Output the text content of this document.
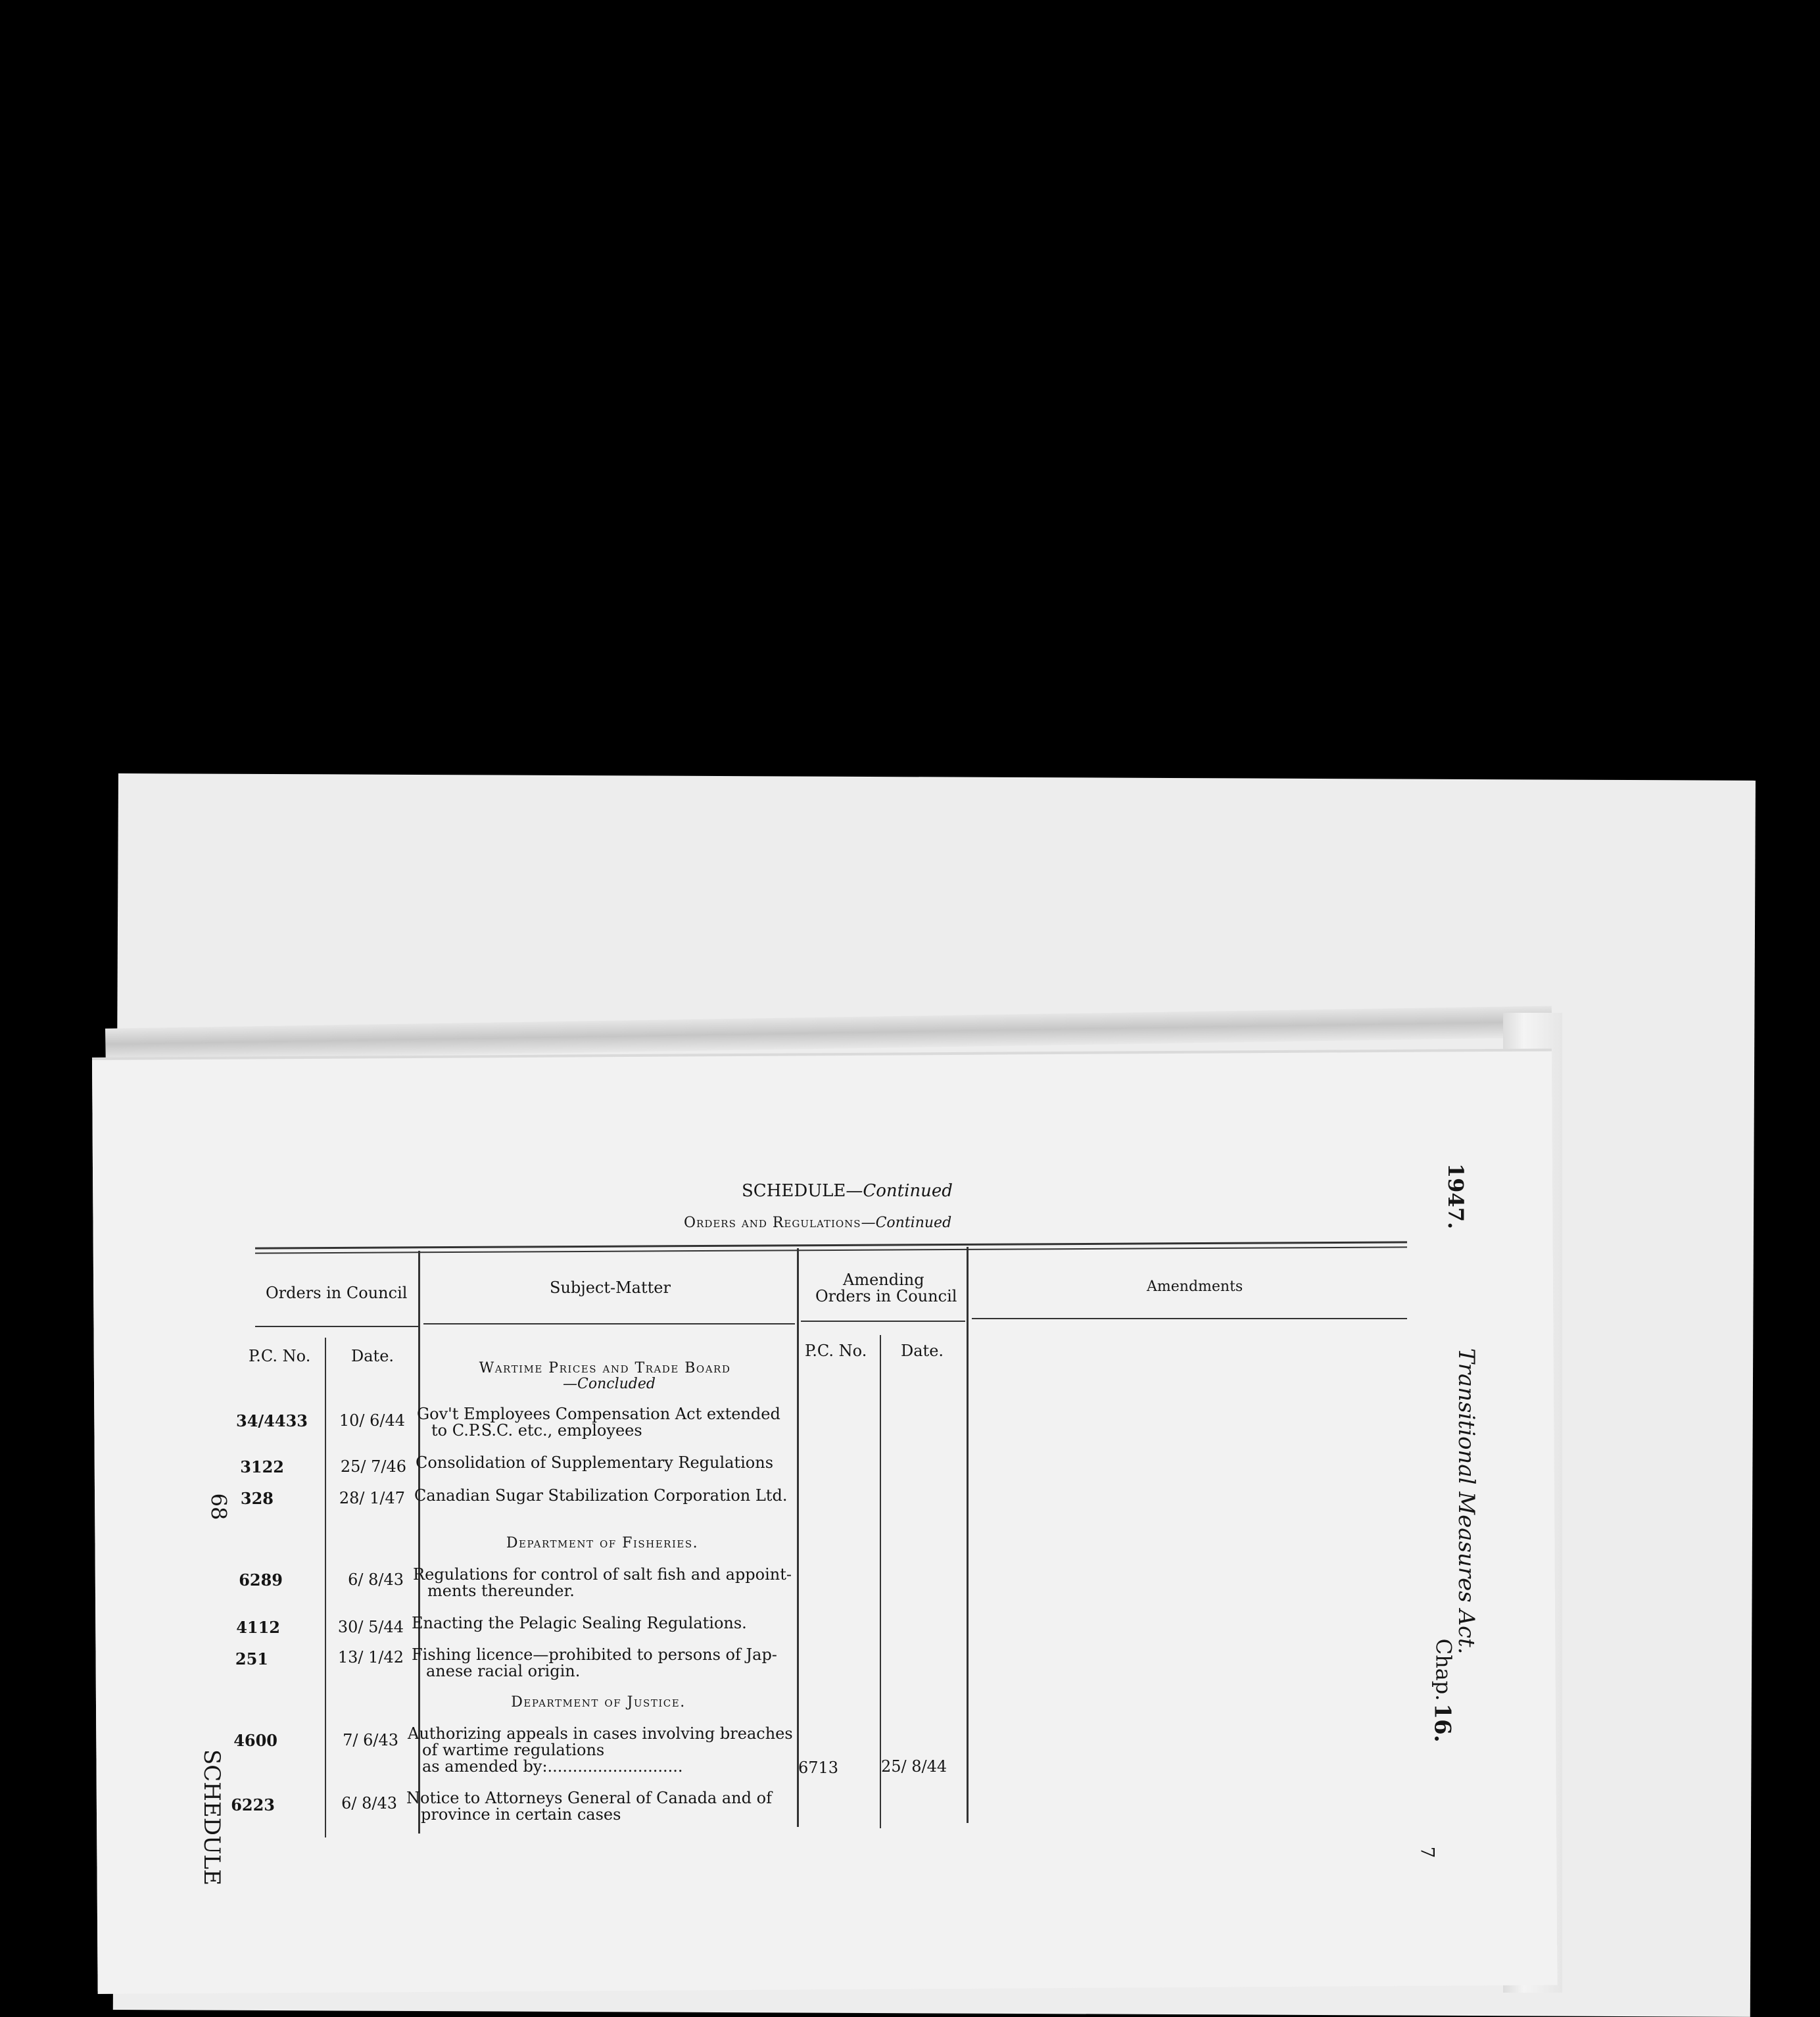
SCHEDULE—Continued
Orders and Regulations—Continued
Orders in Council	Subject-Matter	Amending
Orders in Council
Amendments
P.C. No.	Date.	P.C. No. Date.
Wartime Prices and Trade Board
—Concluded
34/4433	10/ 6/44 Gov't Employees Compensation Act extended
to C.P.S.C. etc., employees
3122	25/ 7/46 Consolidation of Supplementary Regulations
328	28/ 1/47 Canadian Sugar Stabilization Corporation Ltd.
Department of Fisheries.
6289	6/ 8/43 Regulations for control of salt fish and appoint-
ments thereunder.
4112	30/ 5/44 Enacting the Pelagic Sealing Regulations.
251	13/ 1/42 Fishing licence—prohibited to persons of Jap-
anese racial origin.
Department of Justice.
4600	7/ 6/43 Authorizing appeals in cases involving breaches
of wartime regulations
as amended by:...........................	6713	25/ 8/44
6223	6/ 8/43 Notice to Attorneys General of Canada and of
province in certain cases
68
SCHEDULE
1947.
Transitional Measures Act.
Chap.
16.
7
